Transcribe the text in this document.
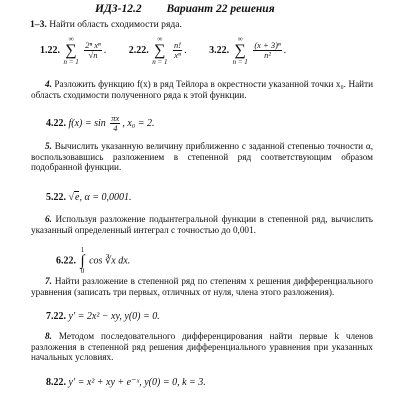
ИДЗ-12.2 Вариант 22 решения
1–3. Найти область сходимости ряда.
1.22.
∞
∑
n = 1

$\frac{\text{2ⁿ xⁿ}}{√n}$ . 2.22.
∞
∑
n = 1

$\frac{n!}{\text{xⁿ}}$ . 3.22.
∞
∑
n = 1

$\frac{\text{(x + 3)ⁿ}}{\text{n²}}$ .
4. Разложить функцию f(x) в ряд Тейлора в окрестности указанной точки x₀. Найти область сходимости полученного ряда к этой функции.
4.22. $f(x) = \sin \frac{\pi x}{4}$ , x₀ = 2.
5. Вычислить указанную величину приближенно с заданной степенью точности α, воспользовавшись разложением в степенной ряд соответствующим образом подобранной функции.
5.22. √e, α = 0,0001.
6. Используя разложение подынтегральной функции в степенной ряд, вычислить указанный определенный интеграл с точностью до 0,001.
6.22.
1
∫
0
cos ∛x dx.
7. Найти разложение в степенной ряд по степеням x решения дифференциального уравнения (записать три первых, отличных от нуля, члена этого разложения).
7.22. y′ = 2x² − xy, y(0) = 0.
8. Методом последовательного дифференцирования найти первые k членов разложения в степенной ряд решения дифференциального уравнения при указанных начальных условиях.
8.22. y′ = x² + xy + e⁻ˣ, y(0) = 0, k = 3.
